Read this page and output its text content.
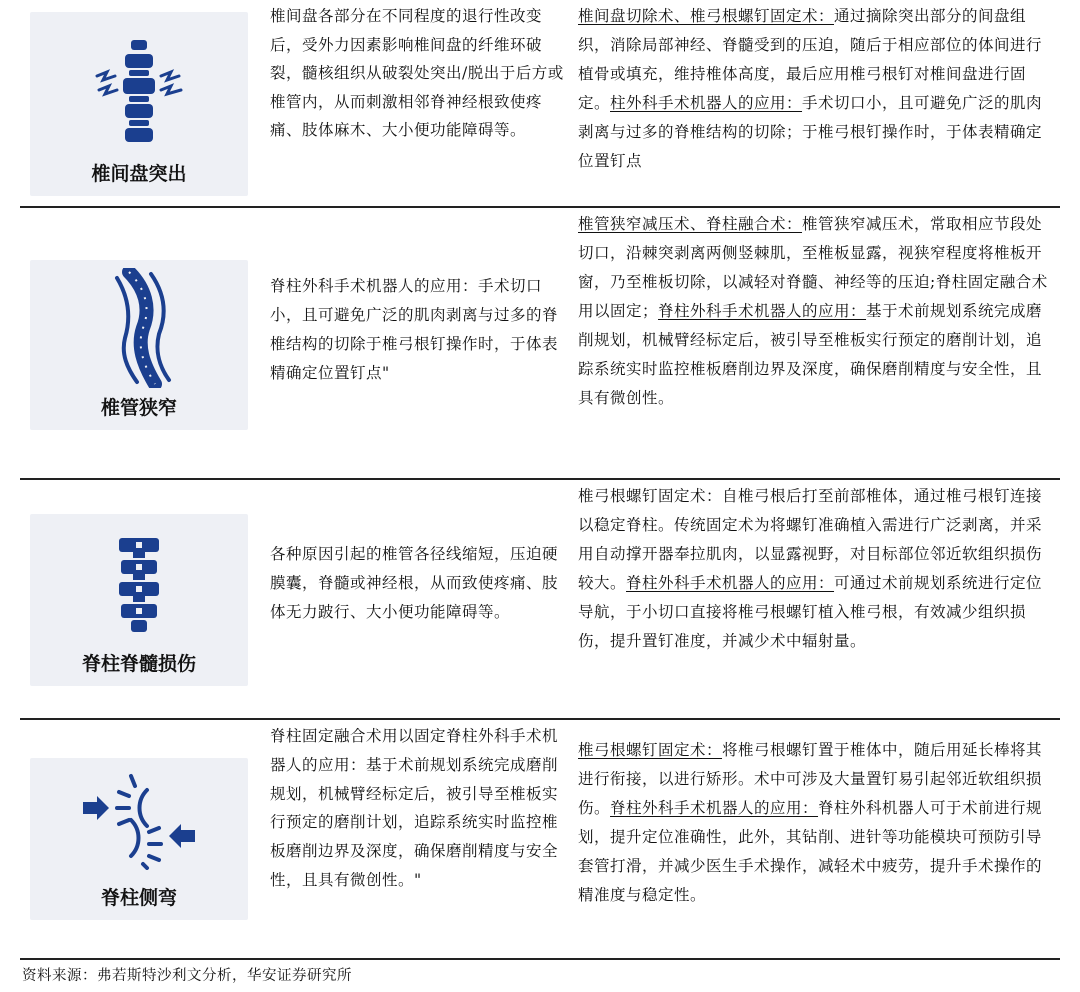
椎间盘突出
椎间盘各部分在不同程度的退行性改变后，受外力因素影响椎间盘的纤维环破裂，髓核组织从破裂处突出/脱出于后方或椎管内，从而刺激相邻脊神经根致使疼痛、肢体麻木、大小便功能障碍等。
椎间盘切除术、椎弓根螺钉固定术：通过摘除突出部分的间盘组织，消除局部神经、脊髓受到的压迫，随后于相应部位的体间进行植骨或填充，维持椎体高度，最后应用椎弓根钉对椎间盘进行固定。柱外科手术机器人的应用：手术切口小，且可避免广泛的肌肉剥离与过多的脊椎结构的切除；于椎弓根钉操作时，于体表精确定位置钉点
椎管狭窄
脊柱外科手术机器人的应用：手术切口小，且可避免广泛的肌肉剥离与过多的脊椎结构的切除于椎弓根钉操作时，于体表精确定位置钉点"
椎管狭窄减压术、脊柱融合术：椎管狭窄减压术，常取相应节段处切口，沿棘突剥离两侧竖棘肌，至椎板显露，视狭窄程度将椎板开窗，乃至椎板切除，以减轻对脊髓、神经等的压迫;脊柱固定融合术用以固定；脊柱外科手术机器人的应用：基于术前规划系统完成磨削规划，机械臂经标定后，被引导至椎板实行预定的磨削计划，追踪系统实时监控椎板磨削边界及深度，确保磨削精度与安全性，且具有微创性。
脊柱脊髓损伤
各种原因引起的椎管各径线缩短，压迫硬膜囊，脊髓或神经根，从而致使疼痛、肢体无力跛行、大小便功能障碍等。
椎弓根螺钉固定术：自椎弓根后打至前部椎体，通过椎弓根钉连接以稳定脊柱。传统固定术为将螺钉准确植入需进行广泛剥离，并采用自动撑开器奉拉肌肉，以显露视野，对目标部位邻近软组织损伤较大。脊柱外科手术机器人的应用：可通过术前规划系统进行定位导航，于小切口直接将椎弓根螺钉植入椎弓根，有效减少组织损伤，提升置钉准度，并减少术中辐射量。
脊柱侧弯
脊柱固定融合术用以固定脊柱外科手术机器人的应用：基于术前规划系统完成磨削规划，机械臂经标定后，被引导至椎板实行预定的磨削计划，追踪系统实时监控椎板磨削边界及深度，确保磨削精度与安全性，且具有微创性。"
椎弓根螺钉固定术：将椎弓根螺钉置于椎体中，随后用延长棒将其进行衔接，以进行矫形。术中可涉及大量置钉易引起邻近软组织损伤。脊柱外科手术机器人的应用：脊柱外科机器人可于术前进行规划，提升定位准确性，此外，其钻削、进针等功能模块可预防引导套管打滑，并减少医生手术操作，减轻术中疲劳，提升手术操作的精准度与稳定性。
资料来源：弗若斯特沙利文分析，华安证券研究所
